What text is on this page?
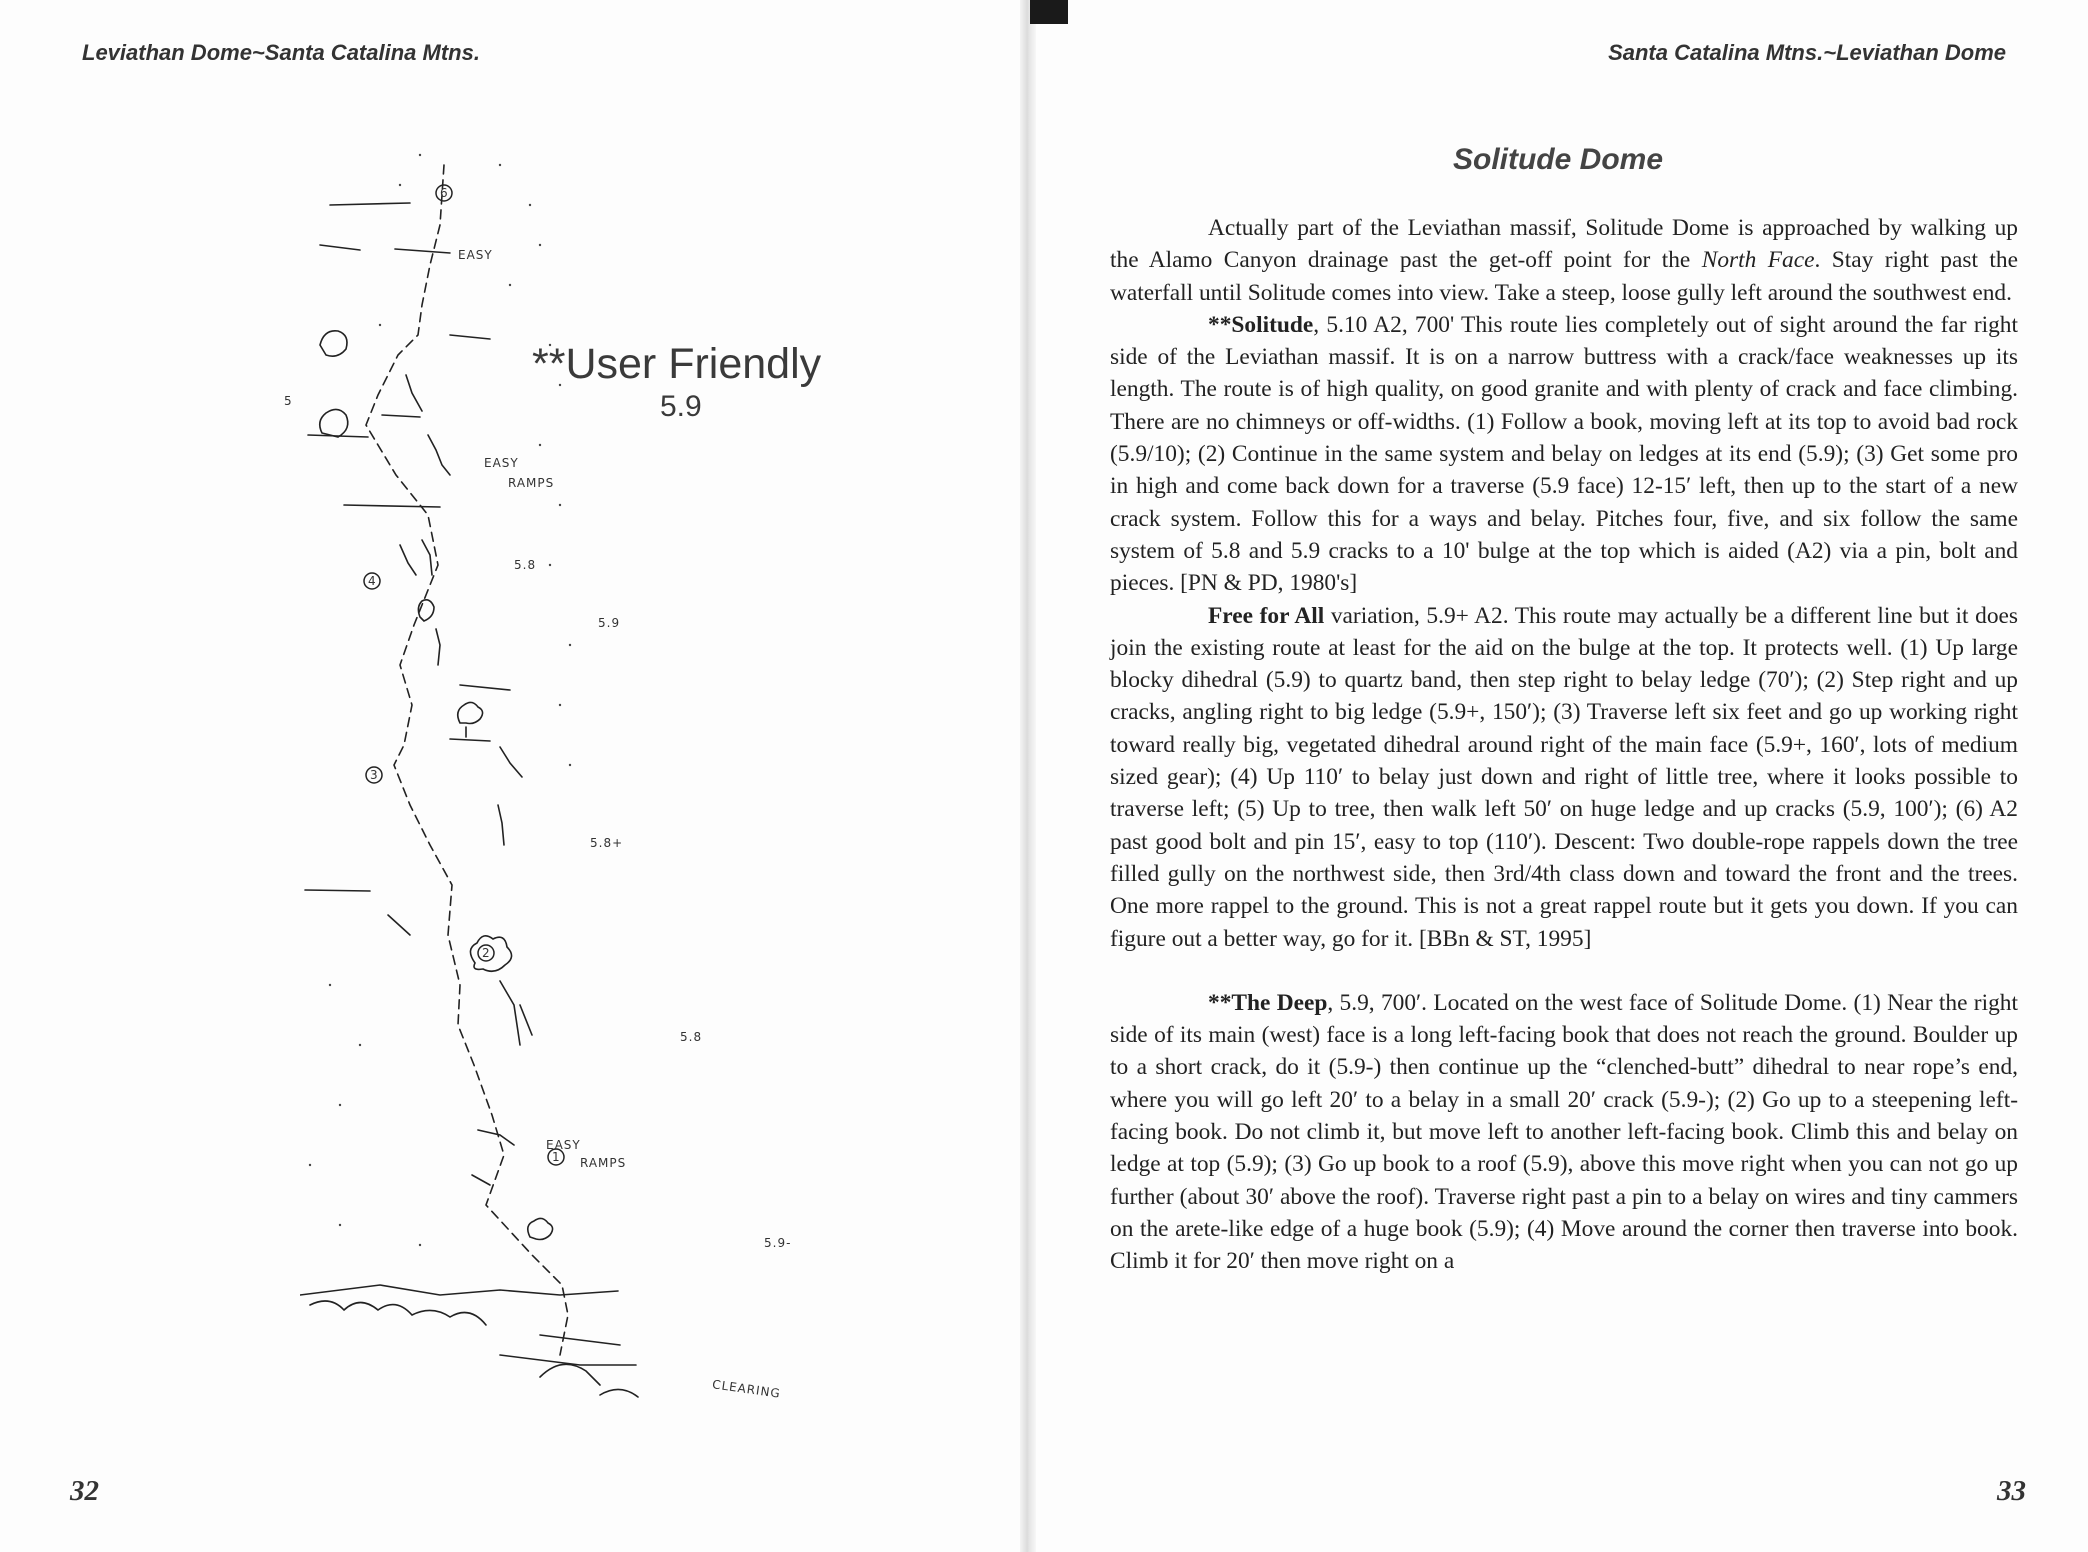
Leviathan Dome~Santa Catalina Mtns.
EASY
EASY
RAMPS
5.8
5.9
5.8+
5.8
EASY
RAMPS
5.9-
CLEARING
6
5
4
3
2
1
**User Friendly
5.9
32
Santa Catalina Mtns.~Leviathan Dome
Solitude Dome

Actually part of the Leviathan massif, Solitude Dome is approached by walking up the Alamo Canyon drainage past the get-off point for the North Face. Stay right past the waterfall until Solitude comes into view. Take a steep, loose gully left around the southwest end.

**Solitude, 5.10 A2, 700' This route lies completely out of sight around the far right side of the Leviathan massif. It is on a narrow buttress with a crack/face weaknesses up its length. The route is of high quality, on good granite and with plenty of crack and face climbing. There are no chimneys or off-widths. (1) Follow a book, moving left at its top to avoid bad rock (5.9/10); (2) Continue in the same system and belay on ledges at its end (5.9); (3) Get some pro in high and come back down for a traverse (5.9 face) 12-15′ left, then up to the start of a new crack system. Follow this for a ways and belay. Pitches four, five, and six follow the same system of 5.8 and 5.9 cracks to a 10' bulge at the top which is aided (A2) via a pin, bolt and pieces. [PN & PD, 1980's]

Free for All variation, 5.9+ A2. This route may actually be a different line but it does join the existing route at least for the aid on the bulge at the top. It protects well. (1) Up large blocky dihedral (5.9) to quartz band, then step right to belay ledge (70′); (2) Step right and up cracks, angling right to big ledge (5.9+, 150′); (3) Traverse left six feet and go up working right toward really big, vegetated dihedral around right of the main face (5.9+, 160′, lots of medium sized gear); (4) Up 110′ to belay just down and right of little tree, where it looks possible to traverse left; (5) Up to tree, then walk left 50′ on huge ledge and up cracks (5.9, 100′); (6) A2 past good bolt and pin 15′, easy to top (110′). Descent: Two double-rope rappels down the tree filled gully on the northwest side, then 3rd/4th class down and toward the front and the trees. One more rappel to the ground. This is not a great rappel route but it gets you down. If you can figure out a better way, go for it. [BBn & ST, 1995]

**The Deep, 5.9, 700′. Located on the west face of Solitude Dome. (1) Near the right side of its main (west) face is a long left-facing book that does not reach the ground. Boulder up to a short crack, do it (5.9-) then continue up the “clenched-butt” dihedral to near rope’s end, where you will go left 20′ to a belay in a small 20′ crack (5.9-); (2) Go up to a steepening left-facing book. Do not climb it, but move left to another left-facing book. Climb this and belay on ledge at top (5.9); (3) Go up book to a roof (5.9), above this move right when you can not go up further (about 30′ above the roof). Traverse right past a pin to a belay on wires and tiny cammers on the arete-like edge of a huge book (5.9); (4) Move around the corner then traverse into book. Climb it for 20′ then move right on a

33
